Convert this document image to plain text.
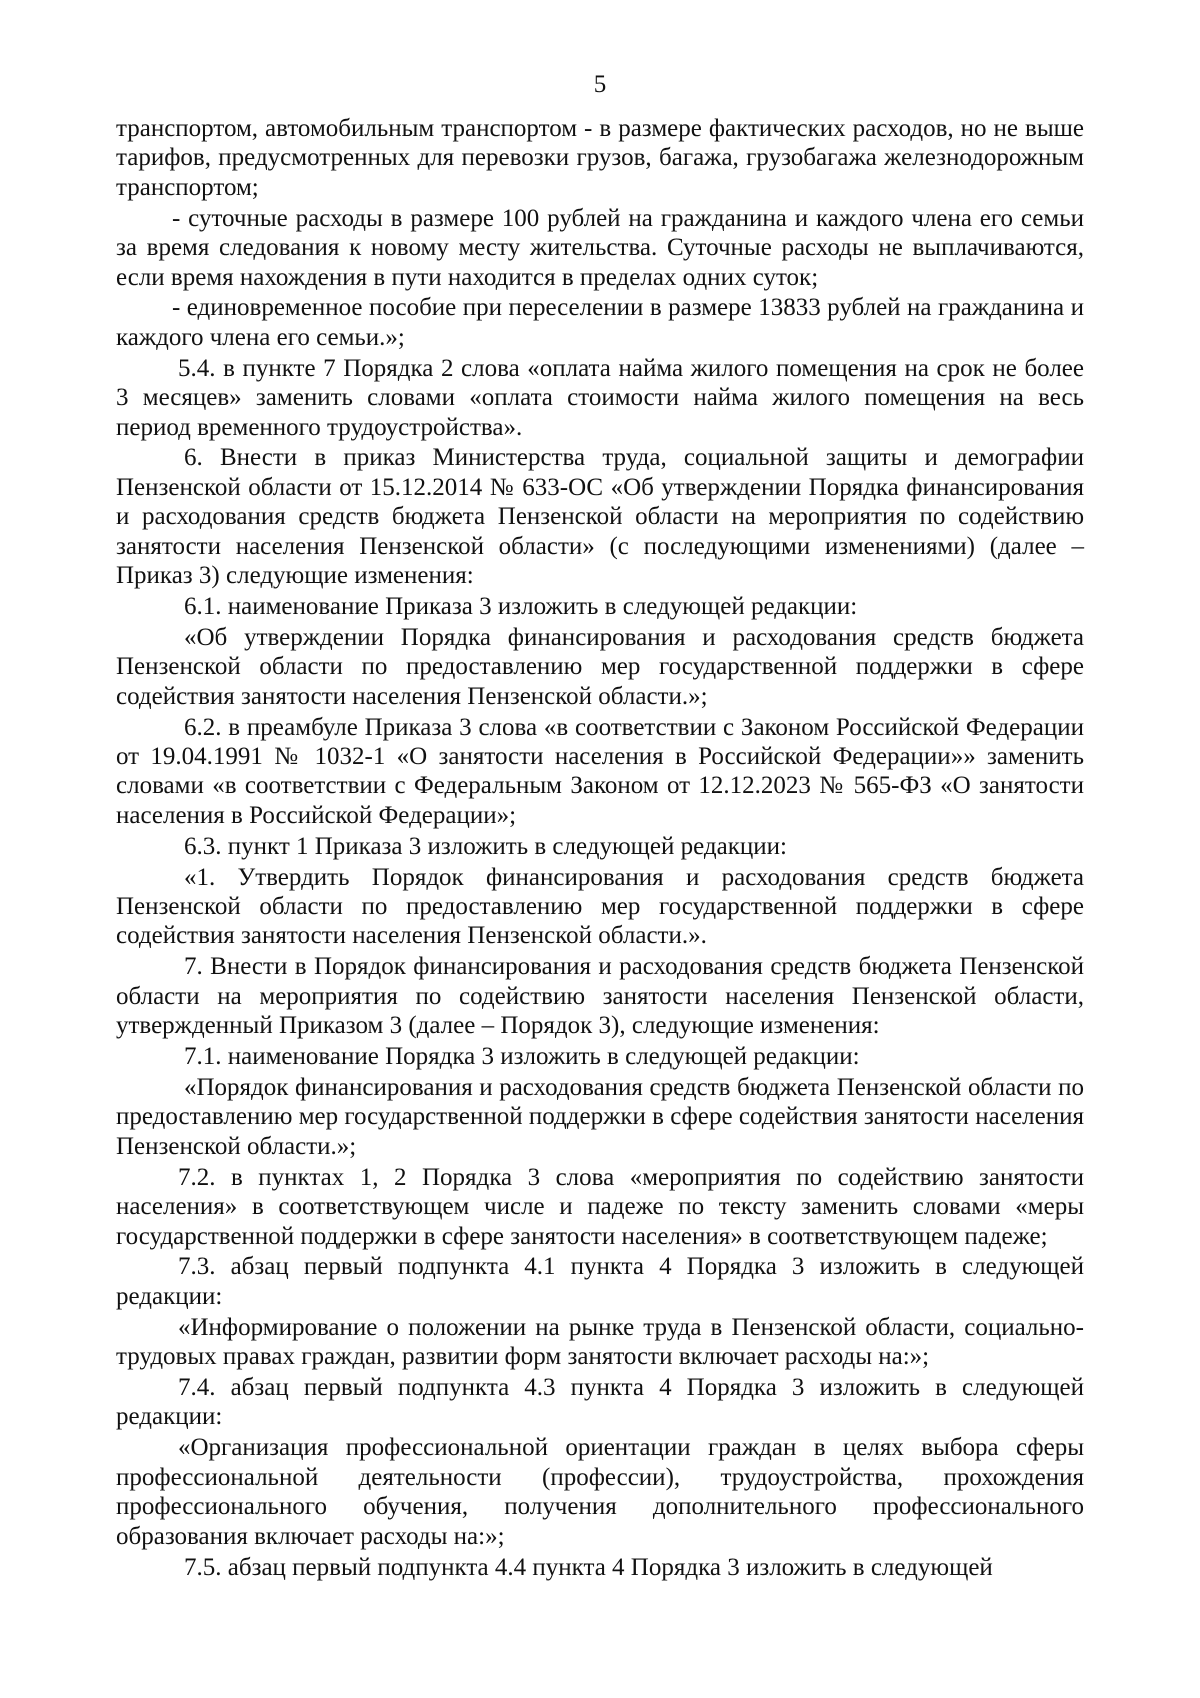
5

транспортом, автомобильным транспортом - в размере фактических расходов, но не выше тарифов, предусмотренных для перевозки грузов, багажа, грузобагажа железнодорожным транспортом;

- суточные расходы в размере 100 рублей на гражданина и каждого члена его семьи за время следования к новому месту жительства. Суточные расходы не выплачиваются, если время нахождения в пути находится в пределах одних суток;

- единовременное пособие при переселении в размере 13833 рублей на гражданина и каждого члена его семьи.»;

5.4. в пункте 7 Порядка 2 слова «оплата найма жилого помещения на срок не более 3 месяцев» заменить словами «оплата стоимости найма жилого помещения на весь период временного трудоустройства».

6. Внести в приказ Министерства труда, социальной защиты и демографии Пензенской области от 15.12.2014 № 633-ОС «Об утверждении Порядка финансирования и расходования средств бюджета Пензенской области на мероприятия по содействию занятости населения Пензенской области» (с последующими изменениями) (далее – Приказ 3) следующие изменения:

6.1. наименование Приказа 3 изложить в следующей редакции:

«Об утверждении Порядка финансирования и расходования средств бюджета Пензенской области по предоставлению мер государственной поддержки в сфере содействия занятости населения Пензенской области.»;

6.2. в преамбуле Приказа 3 слова «в соответствии с Законом Российской Федерации от 19.04.1991 № 1032-1 «О занятости населения в Российской Федерации»» заменить словами «в соответствии с Федеральным Законом от 12.12.2023 № 565-ФЗ «О занятости населения в Российской Федерации»;

6.3. пункт 1 Приказа 3 изложить в следующей редакции:

«1. Утвердить Порядок финансирования и расходования средств бюджета Пензенской области по предоставлению мер государственной поддержки в сфере содействия занятости населения Пензенской области.».

7. Внести в Порядок финансирования и расходования средств бюджета Пензенской области на мероприятия по содействию занятости населения Пензенской области, утвержденный Приказом 3 (далее – Порядок 3), следующие изменения:

7.1. наименование Порядка 3 изложить в следующей редакции:

«Порядок финансирования и расходования средств бюджета Пензенской области по предоставлению мер государственной поддержки в сфере содействия занятости населения Пензенской области.»;

7.2. в пунктах 1, 2 Порядка 3 слова «мероприятия по содействию занятости населения» в соответствующем числе и падеже по тексту заменить словами «меры государственной поддержки в сфере занятости населения» в соответствующем падеже;

7.3. абзац первый подпункта 4.1 пункта 4 Порядка 3 изложить в следующей редакции:

«Информирование о положении на рынке труда в Пензенской области, социально-трудовых правах граждан, развитии форм занятости включает расходы на:»;

7.4. абзац первый подпункта 4.3 пункта 4 Порядка 3 изложить в следующей редакции:

«Организация профессиональной ориентации граждан в целях выбора сферы профессиональной деятельности (профессии), трудоустройства, прохождения профессионального обучения, получения дополнительного профессионального образования включает расходы на:»;

7.5. абзац первый подпункта 4.4 пункта 4 Порядка 3 изложить в следующей
